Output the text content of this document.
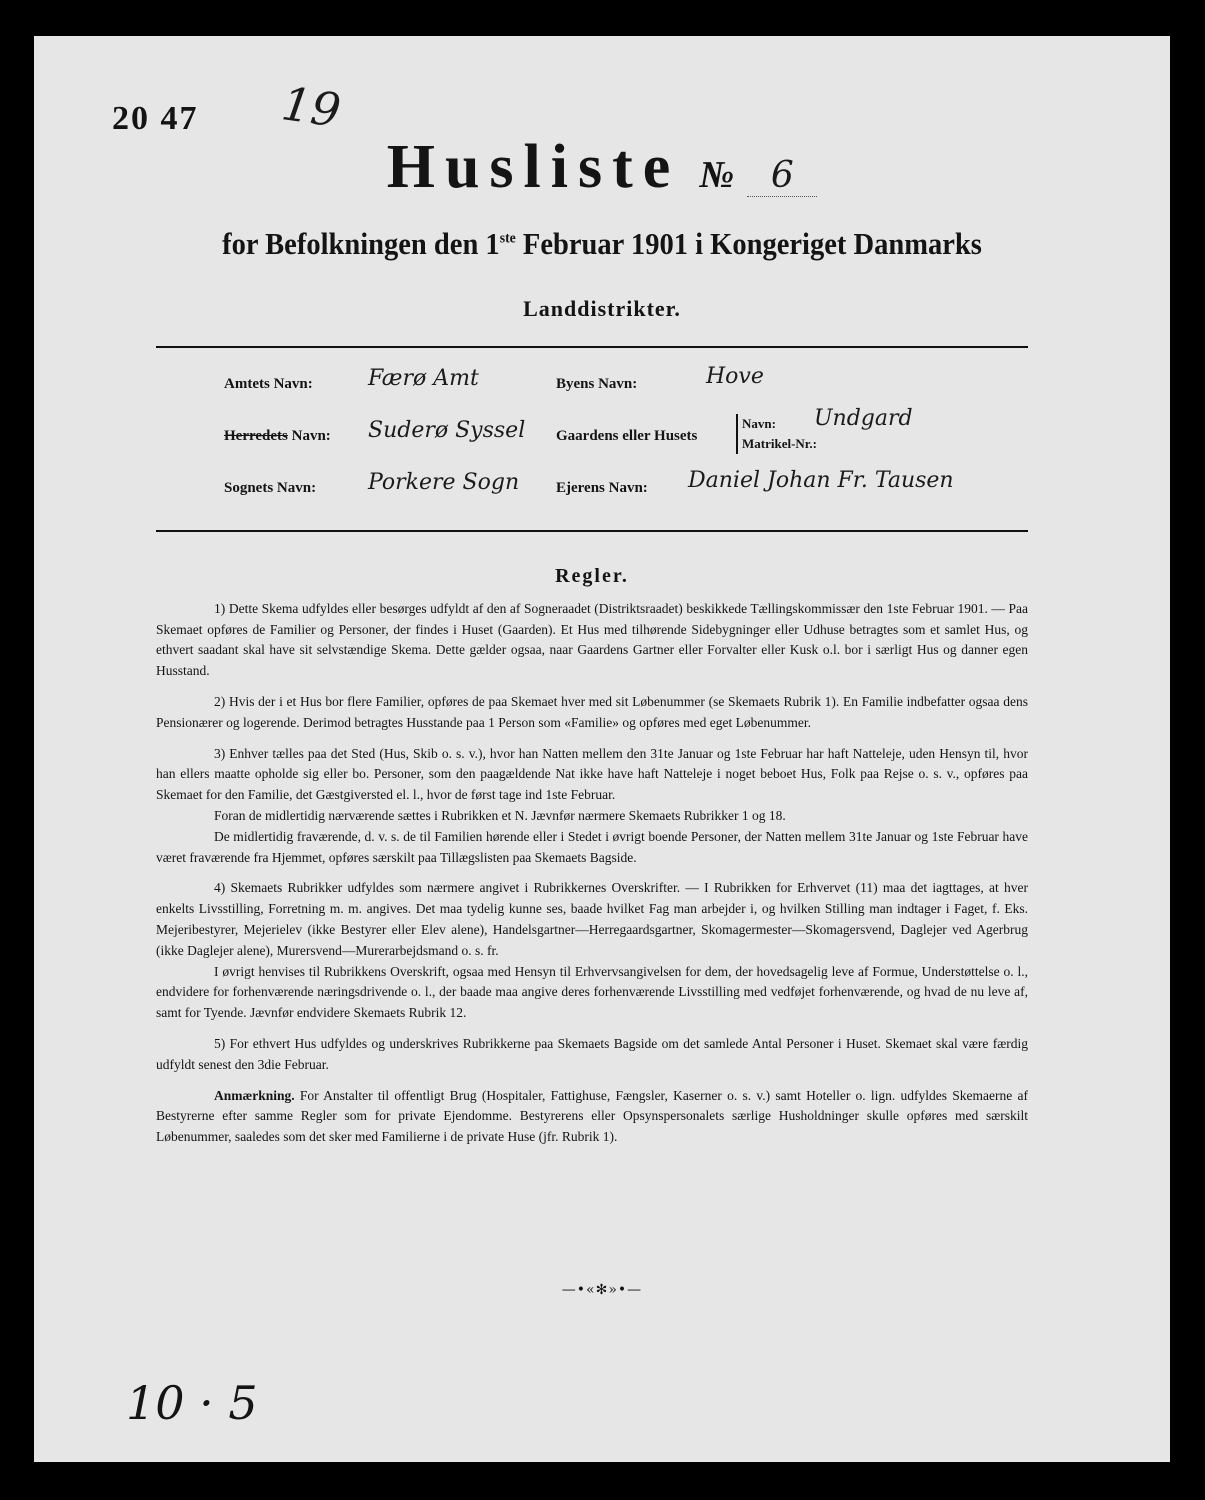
20 47 19
Husliste № 6
for Befolkningen den 1ste Februar 1901 i Kongeriget Danmarks
Landdistrikter.
Amtets Navn:	Færø Amt
Herredets Navn: Suderø Syssel
Sognets Navn: Porkere Sogn
Byens Navn:	Hove
Gaardens eller Husets
Navn:
Matrikel-Nr.:
Undgard
Ejerens Navn: Daniel Johan Fr. Tausen
Regler.

1) Dette Skema udfyldes eller besørges udfyldt af den af Sogneraadet (Distriktsraadet) beskikkede Tællingskommissær den 1ste Februar 1901. — Paa Skemaet opføres de Familier og Personer, der findes i Huset (Gaarden). Et Hus med tilhørende Sidebygninger eller Udhuse betragtes som et samlet Hus, og ethvert saadant skal have sit selvstændige Skema. Dette gælder ogsaa, naar Gaardens Gartner eller Forvalter eller Kusk o.l. bor i særligt Hus og danner egen Husstand.

2) Hvis der i et Hus bor flere Familier, opføres de paa Skemaet hver med sit Løbenummer (se Skemaets Rubrik 1). En Familie indbefatter ogsaa dens Pensionærer og logerende. Derimod betragtes Husstande paa 1 Person som «Familie» og opføres med eget Løbenummer.

3) Enhver tælles paa det Sted (Hus, Skib o. s. v.), hvor han Natten mellem den 31te Januar og 1ste Februar har haft Natteleje, uden Hensyn til, hvor han ellers maatte opholde sig eller bo. Personer, som den paagældende Nat ikke have haft Natteleje i noget beboet Hus, Folk paa Rejse o. s. v., opføres paa Skemaet for den Familie, det Gæstgiversted el. l., hvor de først tage ind 1ste Februar.

Foran de midlertidig nærværende sættes i Rubrikken et N. Jævnfør nærmere Skemaets Rubrikker 1 og 18.

De midlertidig fraværende, d. v. s. de til Familien hørende eller i Stedet i øvrigt boende Personer, der Natten mellem 31te Januar og 1ste Februar have været fraværende fra Hjemmet, opføres særskilt paa Tillægslisten paa Skemaets Bagside.

4) Skemaets Rubrikker udfyldes som nærmere angivet i Rubrikkernes Overskrifter. — I Rubrikken for Erhvervet (11) maa det iagttages, at hver enkelts Livsstilling, Forretning m. m. angives. Det maa tydelig kunne ses, baade hvilket Fag man arbejder i, og hvilken Stilling man indtager i Faget, f. Eks. Mejeribestyrer, Mejerielev (ikke Bestyrer eller Elev alene), Handelsgartner—Herregaardsgartner, Skomagermester—Skomagersvend, Daglejer ved Agerbrug (ikke Daglejer alene), Murersvend—Murerarbejdsmand o. s. fr.

I øvrigt henvises til Rubrikkens Overskrift, ogsaa med Hensyn til Erhvervsangivelsen for dem, der hovedsagelig leve af Formue, Understøttelse o. l., endvidere for forhenværende næringsdrivende o. l., der baade maa angive deres forhenværende Livsstilling med vedføjet forhenværende, og hvad de nu leve af, samt for Tyende. Jævnfør endvidere Skemaets Rubrik 12.

5) For ethvert Hus udfyldes og underskrives Rubrikkerne paa Skemaets Bagside om det samlede Antal Personer i Huset. Skemaet skal være færdig udfyldt senest den 3die Februar.

Anmærkning. For Anstalter til offentligt Brug (Hospitaler, Fattighuse, Fængsler, Kaserner o. s. v.) samt Hoteller o. lign. udfyldes Skemaerne af Bestyrerne efter samme Regler som for private Ejendomme. Bestyrerens eller Opsynspersonalets særlige Husholdninger skulle opføres med særskilt Løbenummer, saaledes som det sker med Familierne i de private Huse (jfr. Rubrik 1).

—•«✻»•—
10 · 5
